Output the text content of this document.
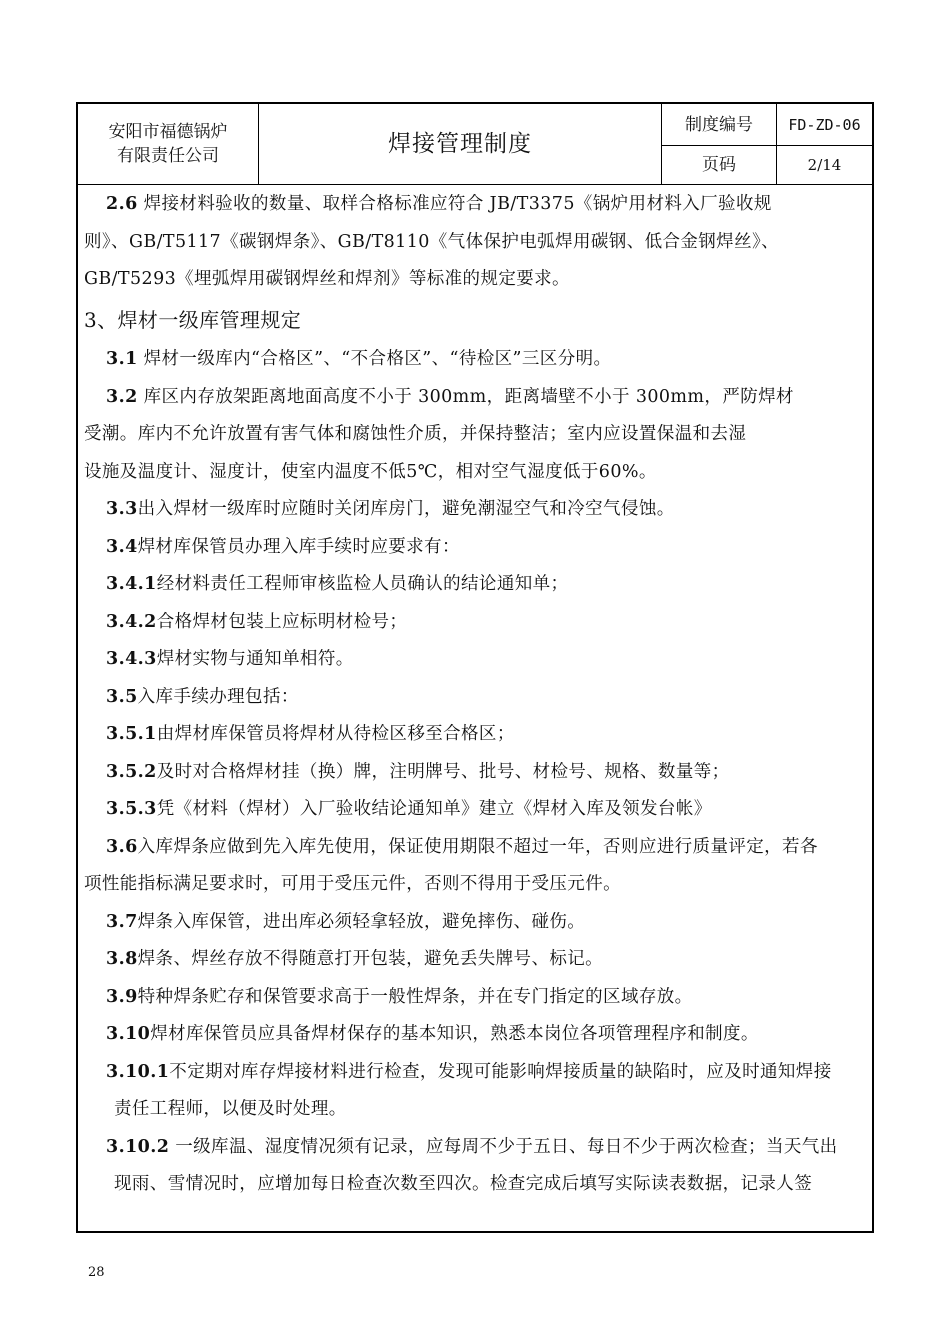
安阳市福德锅炉
有限责任公司	焊接管理制度
制度编号	FD-ZD-06
页码	2/14

2.6 焊接材料验收的数量、取样合格标准应符合 JB/T3375《锅炉用材料入厂验收规

则》、GB/T5117《碳钢焊条》、GB/T8110《气体保护电弧焊用碳钢、低合金钢焊丝》、

GB/T5293《埋弧焊用碳钢焊丝和焊剂》等标准的规定要求。

3、焊材一级库管理规定

3.1 焊材一级库内“合格区”、“不合格区”、“待检区”三区分明。

3.2 库区内存放架距离地面高度不小于 300mm，距离墙壁不小于 300mm，严防焊材

受潮。库内不允许放置有害气体和腐蚀性介质，并保持整洁；室内应设置保温和去湿

设施及温度计、湿度计，使室内温度不低5℃，相对空气湿度低于60%。

3.3出入焊材一级库时应随时关闭库房门，避免潮湿空气和冷空气侵蚀。

3.4焊材库保管员办理入库手续时应要求有：

3.4.1经材料责任工程师审核监检人员确认的结论通知单；

3.4.2合格焊材包装上应标明材检号；

3.4.3焊材实物与通知单相符。

3.5入库手续办理包括：

3.5.1由焊材库保管员将焊材从待检区移至合格区；

3.5.2及时对合格焊材挂（换）牌，注明牌号、批号、材检号、规格、数量等；

3.5.3凭《材料（焊材）入厂验收结论通知单》建立《焊材入库及领发台帐》

3.6入库焊条应做到先入库先使用，保证使用期限不超过一年，否则应进行质量评定，若各

项性能指标满足要求时，可用于受压元件，否则不得用于受压元件。

3.7焊条入库保管，进出库必须轻拿轻放，避免摔伤、碰伤。

3.8焊条、焊丝存放不得随意打开包装，避免丢失牌号、标记。

3.9特种焊条贮存和保管要求高于一般性焊条，并在专门指定的区域存放。

3.10焊材库保管员应具备焊材保存的基本知识，熟悉本岗位各项管理程序和制度。

3.10.1不定期对库存焊接材料进行检查，发现可能影响焊接质量的缺陷时，应及时通知焊接

责任工程师，以便及时处理。

3.10.2 一级库温、湿度情况须有记录，应每周不少于五日、每日不少于两次检查；当天气出

现雨、雪情况时，应增加每日检查次数至四次。检查完成后填写实际读表数据，记录人签

28
